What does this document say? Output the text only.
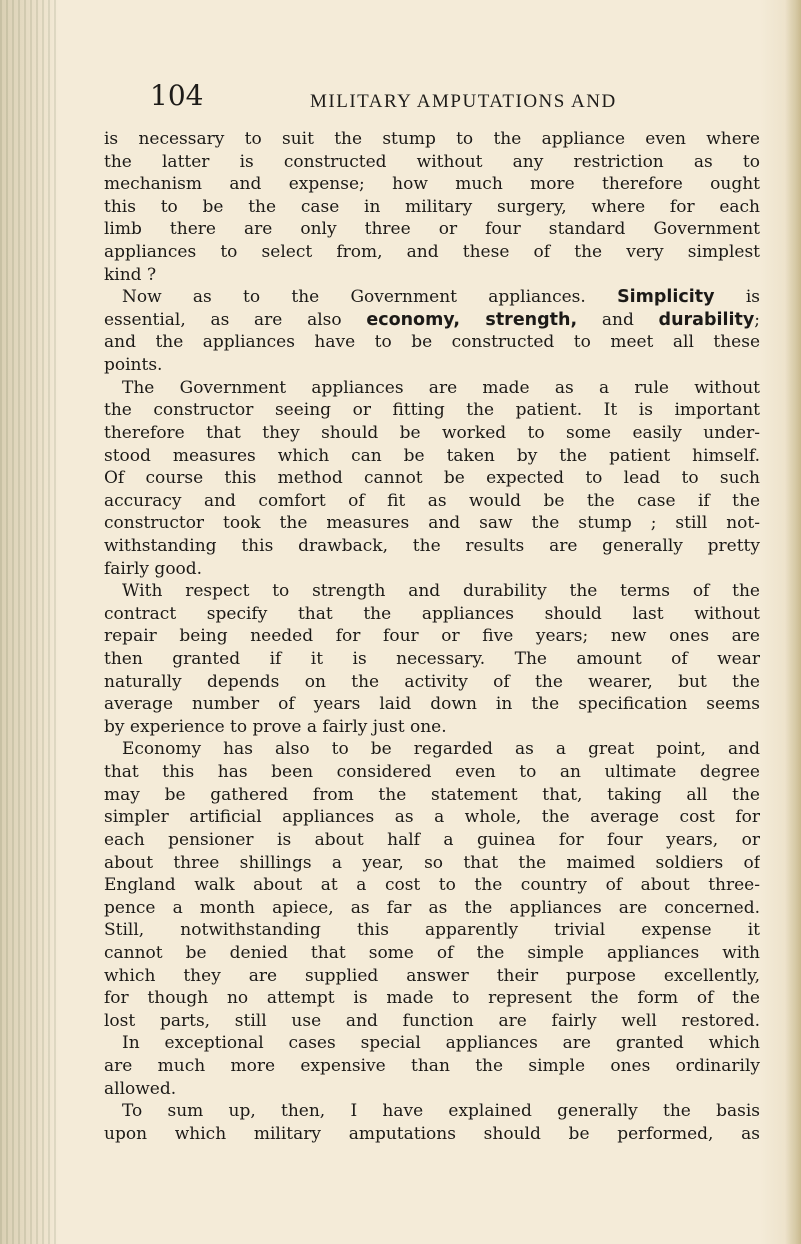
104	MILITARY AMPUTATIONS AND
is necessary to suit the stump to the appliance even where
the latter is constructed without any restriction as to
mechanism and expense; how much more therefore ought
this to be the case in military surgery, where for each
limb there are only three or four standard Government
appliances to select from, and these of the very simplest
kind ?
Now as to the Government appliances. Simplicity is
essential, as are also economy, strength, and durability;
and the appliances have to be constructed to meet all these
points.
The Government appliances are made as a rule without
the constructor seeing or fitting the patient. It is important
therefore that they should be worked to some easily under-
stood measures which can be taken by the patient himself.
Of course this method cannot be expected to lead to such
accuracy and comfort of fit as would be the case if the
constructor took the measures and saw the stump ; still not-
withstanding this drawback, the results are generally pretty
fairly good.
With respect to strength and durability the terms of the
contract specify that the appliances should last without
repair being needed for four or five years; new ones are
then granted if it is necessary. The amount of wear
naturally depends on the activity of the wearer, but the
average number of years laid down in the specification seems
by experience to prove a fairly just one.
Economy has also to be regarded as a great point, and
that this has been considered even to an ultimate degree
may be gathered from the statement that, taking all the
simpler artificial appliances as a whole, the average cost for
each pensioner is about half a guinea for four years, or
about three shillings a year, so that the maimed soldiers of
England walk about at a cost to the country of about three-
pence a month apiece, as far as the appliances are concerned.
Still, notwithstanding this apparently trivial expense it
cannot be denied that some of the simple appliances with
which they are supplied answer their purpose excellently,
for though no attempt is made to represent the form of the
lost parts, still use and function are fairly well restored.
In exceptional cases special appliances are granted which
are much more expensive than the simple ones ordinarily
allowed.
To sum up, then, I have explained generally the basis
upon which military amputations should be performed, as
